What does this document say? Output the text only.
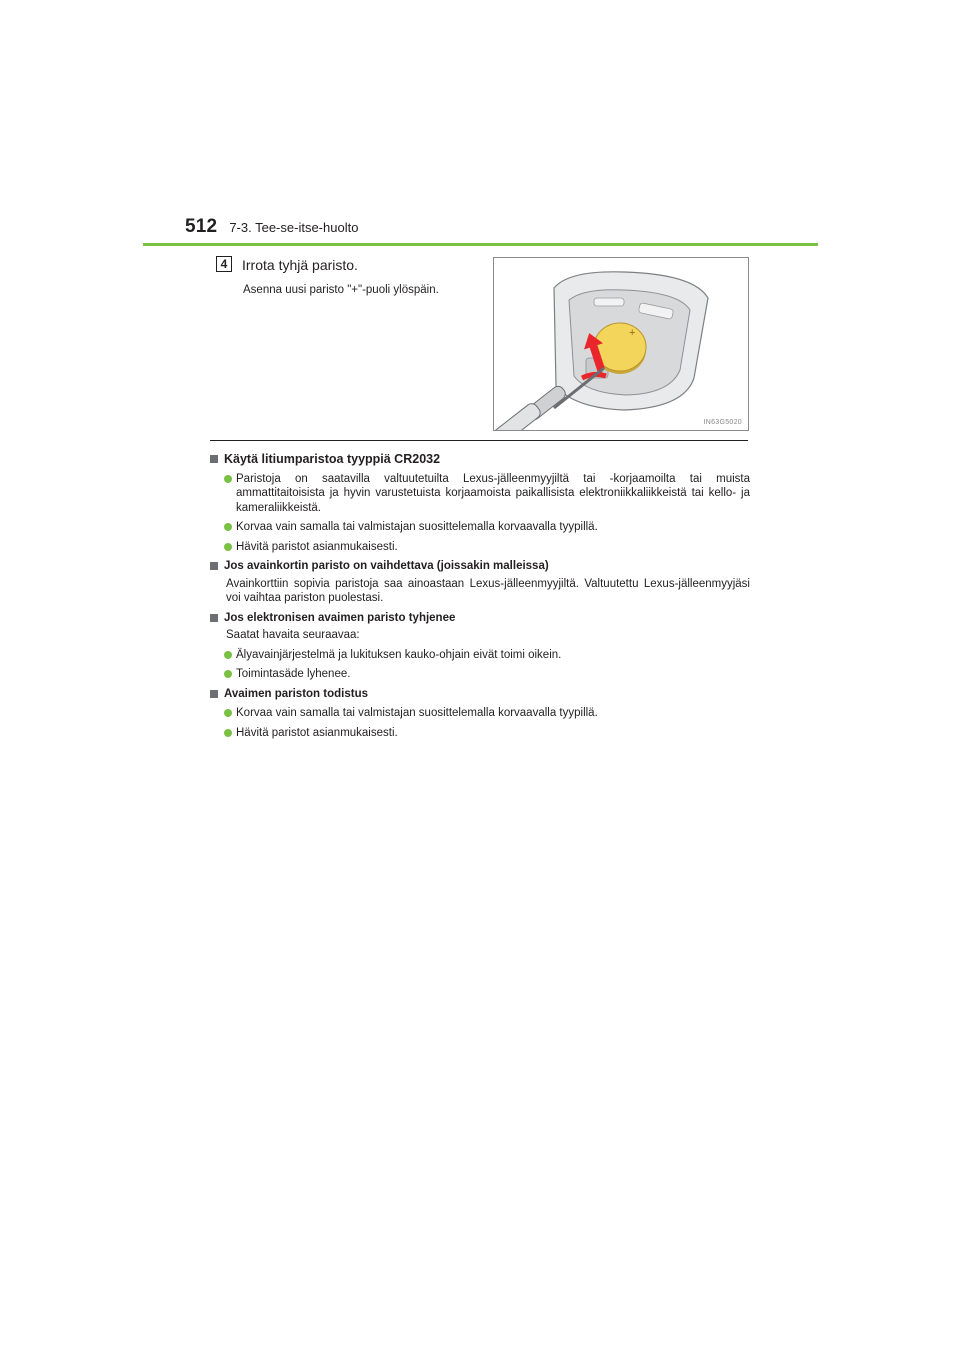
512 7-3. Tee-se-itse-huolto
4	Irrota tyhjä paristo.
Asenna uusi paristo "+"-puoli ylöspäin.
+
IN63G5020
Käytä litiumparistoa tyyppiä CR2032
Paristoja on saatavilla valtuutetuilta Lexus-jälleenmyyjiltä tai -korjaamoilta tai muista ammattitaitoisista ja hyvin varustetuista korjaamoista paikallisista elektroniikkaliikkeistä tai kello- ja kameraliikkeistä.
Korvaa vain samalla tai valmistajan suosittelemalla korvaavalla tyypillä.
Hävitä paristot asianmukaisesti.
Jos avainkortin paristo on vaihdettava (joissakin malleissa)
Avainkorttiin sopivia paristoja saa ainoastaan Lexus-jälleenmyyjiltä. Valtuutettu Lexus-jälleenmyyjäsi voi vaihtaa pariston puolestasi.
Jos elektronisen avaimen paristo tyhjenee
Saatat havaita seuraavaa:
Älyavainjärjestelmä ja lukituksen kauko-ohjain eivät toimi oikein.
Toimintasäde lyhenee.
Avaimen pariston todistus
Korvaa vain samalla tai valmistajan suosittelemalla korvaavalla tyypillä.
Hävitä paristot asianmukaisesti.
